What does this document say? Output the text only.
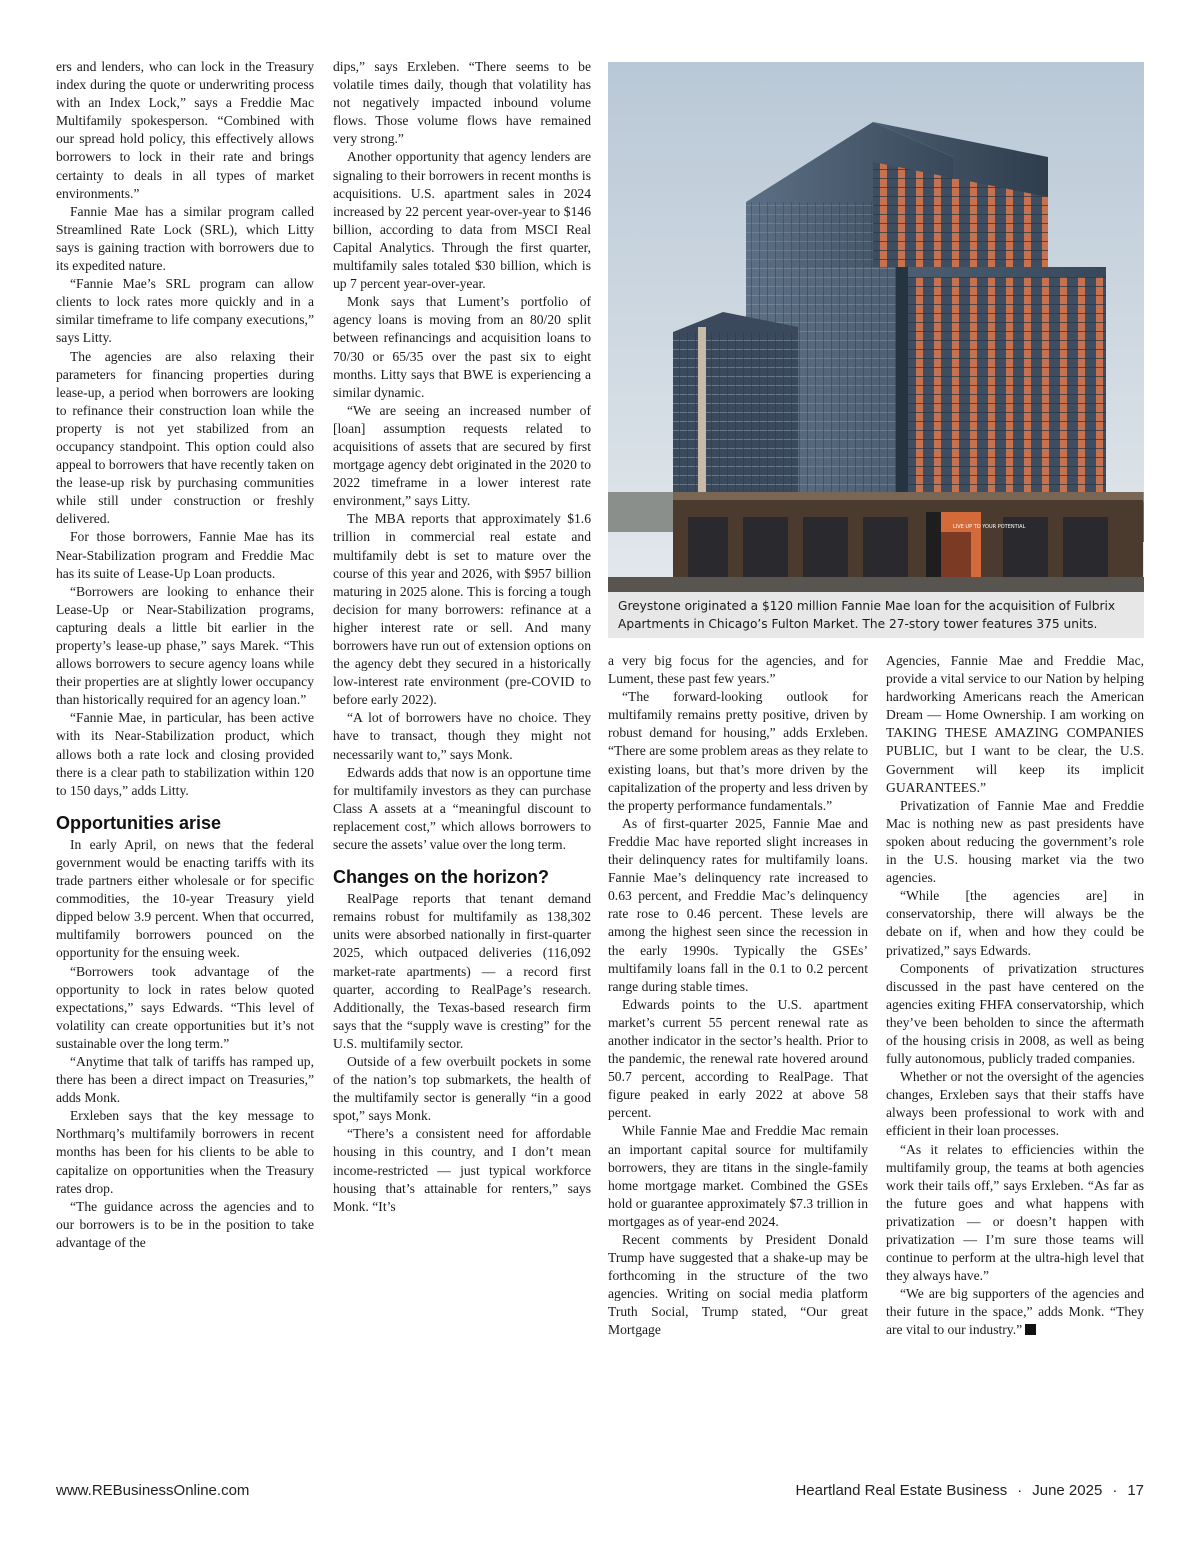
ers and lenders, who can lock in the Treasury index during the quote or underwriting process with an Index Lock,” says a Freddie Mac Multifamily spokesperson. “Combined with our spread hold policy, this effectively allows borrowers to lock in their rate and brings certainty to deals in all types of market environments.”

Fannie Mae has a similar program called Streamlined Rate Lock (SRL), which Litty says is gaining traction with borrowers due to its expedited nature.

“Fannie Mae’s SRL program can allow clients to lock rates more quickly and in a similar timeframe to life company executions,” says Litty.

The agencies are also relaxing their parameters for financing properties during lease-up, a period when borrowers are looking to refinance their construction loan while the property is not yet stabilized from an occupancy standpoint. This option could also appeal to borrowers that have recently taken on the lease-up risk by purchasing communities while still under construction or freshly delivered.

For those borrowers, Fannie Mae has its Near-Stabilization program and Freddie Mac has its suite of Lease-Up Loan products.

“Borrowers are looking to enhance their Lease-Up or Near-Stabilization programs, capturing deals a little bit earlier in the property’s lease-up phase,” says Marek. “This allows borrowers to secure agency loans while their properties are at slightly lower occupancy than historically required for an agency loan.”

“Fannie Mae, in particular, has been active with its Near-Stabilization product, which allows both a rate lock and closing provided there is a clear path to stabilization within 120 to 150 days,” adds Litty.

Opportunities arise

In early April, on news that the federal government would be enacting tariffs with its trade partners either wholesale or for specific commodities, the 10-year Treasury yield dipped below 3.9 percent. When that occurred, multifamily borrowers pounced on the opportunity for the ensuing week.

“Borrowers took advantage of the opportunity to lock in rates below quoted expectations,” says Edwards. “This level of volatility can create opportunities but it’s not sustainable over the long term.”

“Anytime that talk of tariffs has ramped up, there has been a direct impact on Treasuries,” adds Monk.

Erxleben says that the key message to Northmarq’s multifamily borrowers in recent months has been for his clients to be able to capitalize on opportunities when the Treasury rates drop.

“The guidance across the agencies and to our borrowers is to be in the position to take advantage of the

dips,” says Erxleben. “There seems to be volatile times daily, though that volatility has not negatively impacted inbound volume flows. Those volume flows have remained very strong.”

Another opportunity that agency lenders are signaling to their borrowers in recent months is acquisitions. U.S. apartment sales in 2024 increased by 22 percent year-over-year to $146 billion, according to data from MSCI Real Capital Analytics. Through the first quarter, multifamily sales totaled $30 billion, which is up 7 percent year-over-year.

Monk says that Lument’s portfolio of agency loans is moving from an 80/20 split between refinancings and acquisition loans to 70/30 or 65/35 over the past six to eight months. Litty says that BWE is experiencing a similar dynamic.

“We are seeing an increased number of [loan] assumption requests related to acquisitions of assets that are secured by first mortgage agency debt originated in the 2020 to 2022 timeframe in a lower interest rate environment,” says Litty.

The MBA reports that approximately $1.6 trillion in commercial real estate and multifamily debt is set to mature over the course of this year and 2026, with $957 billion maturing in 2025 alone. This is forcing a tough decision for many borrowers: refinance at a higher interest rate or sell. And many borrowers have run out of extension options on the agency debt they secured in a historically low-interest rate environment (pre-COVID to before early 2022).

“A lot of borrowers have no choice. They have to transact, though they might not necessarily want to,” says Monk.

Edwards adds that now is an opportune time for multifamily investors as they can purchase Class A assets at a “meaningful discount to replacement cost,” which allows borrowers to secure the assets’ value over the long term.

Changes on the horizon?

RealPage reports that tenant demand remains robust for multifamily as 138,302 units were absorbed nationally in first-quarter 2025, which outpaced deliveries (116,092 market-rate apartments) — a record first quarter, according to RealPage’s research. Additionally, the Texas-based research firm says that the “supply wave is cresting” for the U.S. multifamily sector.

Outside of a few overbuilt pockets in some of the nation’s top submarkets, the health of the multifamily sector is generally “in a good spot,” says Monk.

“There’s a consistent need for affordable housing in this country, and I don’t mean income-restricted — just typical workforce housing that’s attainable for renters,” says Monk. “It’s

a very big focus for the agencies, and for Lument, these past few years.”

“The forward-looking outlook for multifamily remains pretty positive, driven by robust demand for housing,” adds Erxleben. “There are some problem areas as they relate to existing loans, but that’s more driven by the capitalization of the property and less driven by the property performance fundamentals.”

As of first-quarter 2025, Fannie Mae and Freddie Mac have reported slight increases in their delinquency rates for multifamily loans. Fannie Mae’s delinquency rate increased to 0.63 percent, and Freddie Mac’s delinquency rate rose to 0.46 percent. These levels are among the highest seen since the recession in the early 1990s. Typically the GSEs’ multifamily loans fall in the 0.1 to 0.2 percent range during stable times.

Edwards points to the U.S. apartment market’s current 55 percent renewal rate as another indicator in the sector’s health. Prior to the pandemic, the renewal rate hovered around 50.7 percent, according to RealPage. That figure peaked in early 2022 at above 58 percent.

While Fannie Mae and Freddie Mac remain an important capital source for multifamily borrowers, they are titans in the single-family home mortgage market. Combined the GSEs hold or guarantee approximately $7.3 trillion in mortgages as of year-end 2024.

Recent comments by President Donald Trump have suggested that a shake-up may be forthcoming in the structure of the two agencies. Writing on social media platform Truth Social, Trump stated, “Our great Mortgage

Agencies, Fannie Mae and Freddie Mac, provide a vital service to our Nation by helping hardworking Americans reach the American Dream — Home Ownership. I am working on TAKING THESE AMAZING COMPANIES PUBLIC, but I want to be clear, the U.S. Government will keep its implicit GUARANTEES.”

Privatization of Fannie Mae and Freddie Mac is nothing new as past presidents have spoken about reducing the government’s role in the U.S. housing market via the two agencies.

“While [the agencies are] in conservatorship, there will always be the debate on if, when and how they could be privatized,” says Edwards.

Components of privatization structures discussed in the past have centered on the agencies exiting FHFA conservatorship, which they’ve been beholden to since the aftermath of the housing crisis in 2008, as well as being fully autonomous, publicly traded companies.

Whether or not the oversight of the agencies changes, Erxleben says that their staffs have always been professional to work with and efficient in their loan processes.

“As it relates to efficiencies within the multifamily group, the teams at both agencies work their tails off,” says Erxleben. “As far as the future goes and what happens with privatization — or doesn’t happen with privatization — I’m sure those teams will continue to perform at the ultra-high level that they always have.”

“We are big supporters of the agencies and their future in the space,” adds Monk. “They are vital to our industry.”

LIVE UP TO YOUR POTENTIAL
Greystone originated a $120 million Fannie Mae loan for the acquisition of Fulbrix Apartments in Chicago’s Fulton Market. The 27-story tower features 375 units.
www.REBusinessOnline.com	Heartland Real Estate Business · June 2025 · 17
